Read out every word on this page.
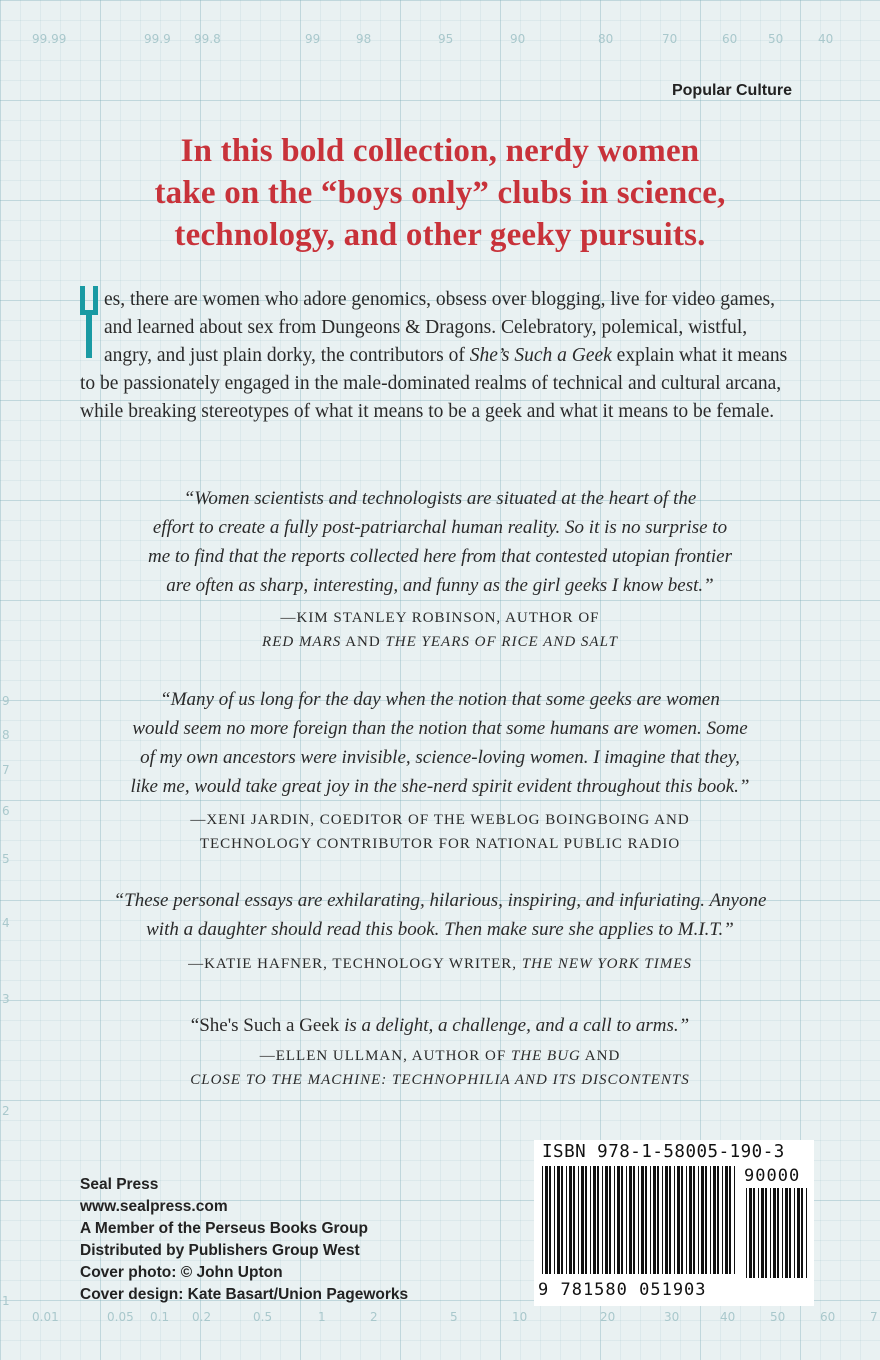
99.99	99.9 99.8	99	98	95	90	80	70	60	50	40
0.01	0.05 0.1 0.2	0.5	1	2	5	10	20	30	40	50	60	7
9
8
7
6
5
4
3
2
1
Popular Culture
In this bold collection, nerdy women
take on the “boys only” clubs in science,
technology, and other geeky pursuits.
es, there are women who adore genomics, obsess over blogging, live for video games, and learned about sex from Dungeons & Dragons. Celebratory, polemical, wistful, angry, and just plain dorky, the contributors of She’s Such a Geek explain what it means to be passionately engaged in the male-dominated realms of technical and cultural arcana, while breaking stereotypes of what it means to be a geek and what it means to be female.
“Women scientists and technologists are situated at the heart of the
effort to create a fully post-patriarchal human reality. So it is no surprise to
me to find that the reports collected here from that contested utopian frontier
are often as sharp, interesting, and funny as the girl geeks I know best.”
—KIM STANLEY ROBINSON, AUTHOR OF
RED MARS AND THE YEARS OF RICE AND SALT
“Many of us long for the day when the notion that some geeks are women
would seem no more foreign than the notion that some humans are women. Some
of my own ancestors were invisible, science-loving women. I imagine that they,
like me, would take great joy in the she-nerd spirit evident throughout this book.”
—XENI JARDIN, COEDITOR OF THE WEBLOG BOINGBOING AND
TECHNOLOGY CONTRIBUTOR FOR NATIONAL PUBLIC RADIO
“These personal essays are exhilarating, hilarious, inspiring, and infuriating. Anyone
with a daughter should read this book. Then make sure she applies to M.I.T.”
—KATIE HAFNER, TECHNOLOGY WRITER, THE NEW YORK TIMES
“She's Such a Geek is a delight, a challenge, and a call to arms.”
—ELLEN ULLMAN, AUTHOR OF THE BUG AND
CLOSE TO THE MACHINE: TECHNOPHILIA AND ITS DISCONTENTS
Seal Press
www.sealpress.com
A Member of the Perseus Books Group
Distributed by Publishers Group West
Cover photo: © John Upton
Cover design: Kate Basart/Union Pageworks
ISBN 978-1-58005-190-3
90000
9 781580 051903
